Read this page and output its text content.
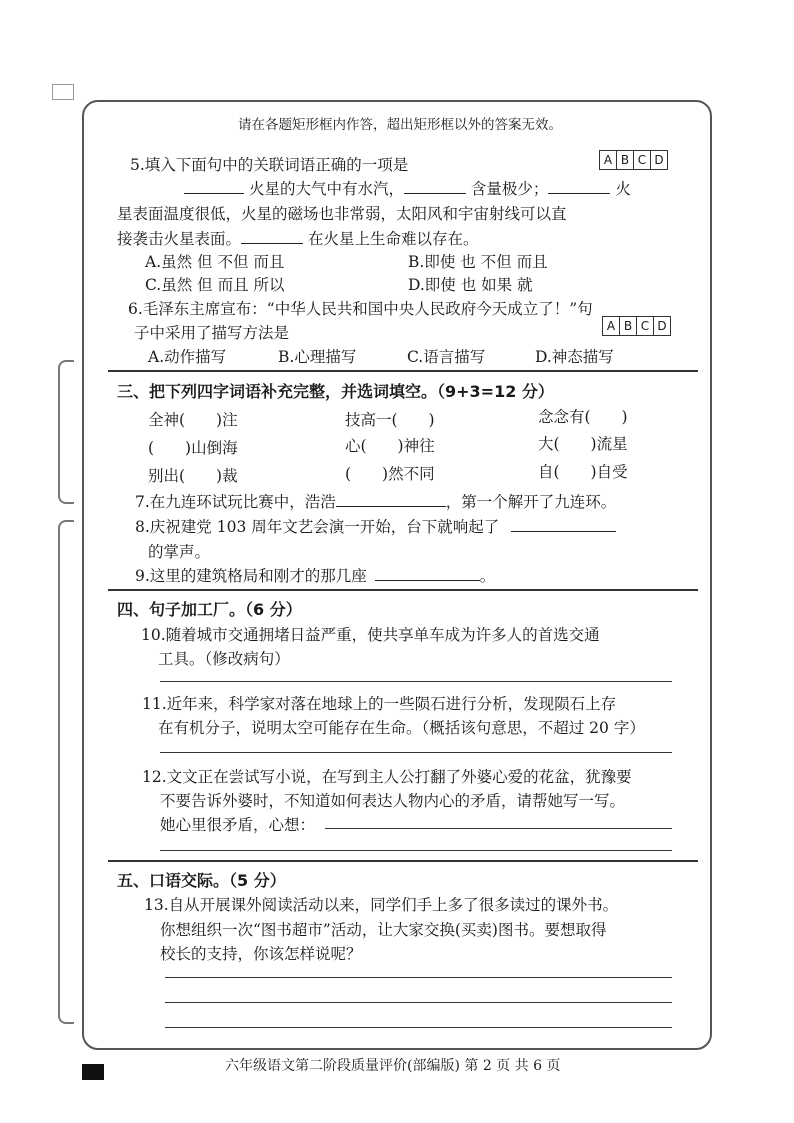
请在各题矩形框内作答，超出矩形框以外的答案无效。
5.填入下面句中的关联词语正确的一项是	A B C D
火星的大气中有水汽，	含量极少；	火
星表面温度很低，火星的磁场也非常弱，太阳风和宇宙射线可以直
接袭击火星表面。	在火星上生命难以存在。
A.虽然 但 不但 而且	B.即使 也 不但 而且
C.虽然 但 而且 所以	D.即使 也 如果 就
6.毛泽东主席宣布：“中华人民共和国中央人民政府今天成立了！”句
子中采用了描写方法是	A B C D
A.动作描写	B.心理描写	C.语言描写	D.神态描写
三、把下列四字词语补充完整，并选词填空。（9+3=12 分）
全神(　　)注	技高一(　　)	念念有(　　)
(　　)山倒海	心(　　)神往	大(　　)流星
别出(　　)裁	(　　)然不同	自(　　)自受
7.在九连环试玩比赛中，浩浩	，第一个解开了九连环。
8.庆祝建党 103 周年文艺会演一开始，台下就响起了
的掌声。
9.这里的建筑格局和刚才的那几座	。
四、句子加工厂。（6 分）
10.随着城市交通拥堵日益严重，使共享单车成为许多人的首选交通
工具。（修改病句）
11.近年来，科学家对落在地球上的一些陨石进行分析，发现陨石上存
在有机分子，说明太空可能存在生命。（概括该句意思，不超过 20 字）
12.文文正在尝试写小说，在写到主人公打翻了外婆心爱的花盆，犹豫要
不要告诉外婆时，不知道如何表达人物内心的矛盾，请帮她写一写。
她心里很矛盾，心想：
五、口语交际。（5 分）
13.自从开展课外阅读活动以来，同学们手上多了很多读过的课外书。
你想组织一次“图书超市”活动，让大家交换(买卖)图书。要想取得
校长的支持，你该怎样说呢？
六年级语文第二阶段质量评价(部编版) 第 2 页 共 6 页
